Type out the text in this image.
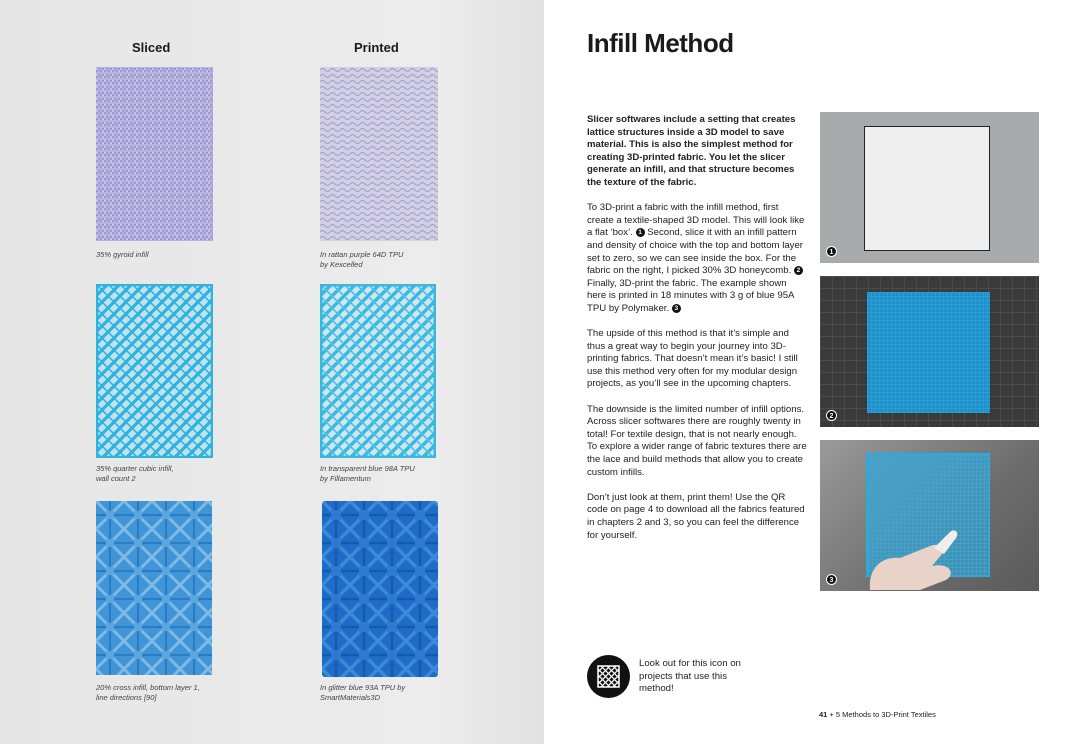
Sliced	Printed
35% gyroid infill	In rattan purple 64D TPU
by Kexcelled
35% quarter cubic infill,
wall count 2
In transparent blue 98A TPU
by Fillamentum
20% cross infill, bottom layer 1,
line directions [90]
In glitter blue 93A TPU by
SmartMaterials3D
Infill Method

Slicer softwares include a setting that creates lattice structures inside a 3D model to save material. This is also the simplest method for creating 3D-printed fabric. You let the slicer generate an infill, and that structure becomes the texture of the fabric.

To 3D-print a fabric with the infill method, first create a textile-shaped 3D model. This will look like a flat ‘box’. 1 Second, slice it with an infill pattern and density of choice with the top and bottom layer set to zero, so we can see inside the box. For the fabric on the right, I picked 30% 3D honeycomb. 2 Finally, 3D-print the fabric. The example shown here is printed in 18 minutes with 3 g of blue 95A TPU by Polymaker. 3

The upside of this method is that it’s simple and thus a great way to begin your journey into 3D-printing fabrics. That doesn’t mean it’s basic! I still use this method very often for my modular design projects, as you’ll see in the upcoming chapters.

The downside is the limited number of infill options. Across slicer softwares there are roughly twenty in total! For textile design, that is not nearly enough. To explore a wider range of fabric textures there are the lace and build methods that allow you to create custom infills.

Don’t just look at them, print them! Use the QR code on page 4 to download all the fabrics featured in chapters 2 and 3, so you can feel the difference for yourself.

1
2
3
Look out for this icon on projects that use this method!
41 + 5 Methods to 3D-Print Textiles
